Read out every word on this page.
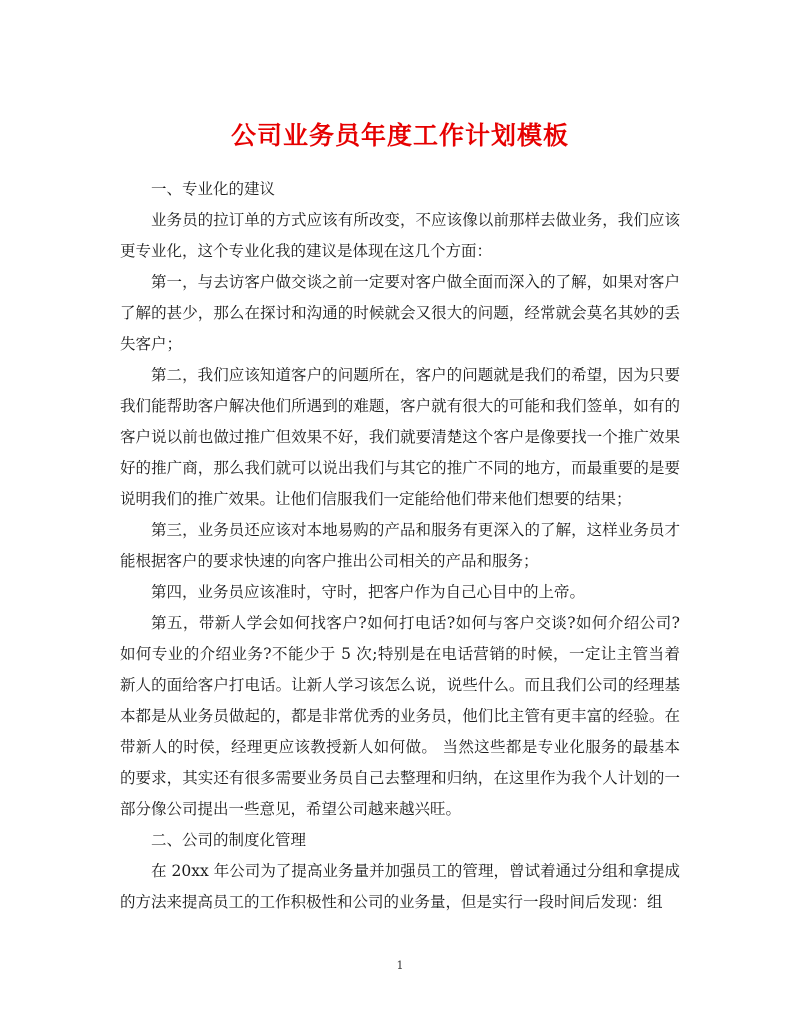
公司业务员年度工作计划模板

一、专业化的建议

业务员的拉订单的方式应该有所改变，不应该像以前那样去做业务，我们应该更专业化，这个专业化我的建议是体现在这几个方面：

第一，与去访客户做交谈之前一定要对客户做全面而深入的了解，如果对客户了解的甚少，那么在探讨和沟通的时候就会又很大的问题，经常就会莫名其妙的丢失客户；

第二，我们应该知道客户的问题所在，客户的问题就是我们的希望，因为只要我们能帮助客户解决他们所遇到的难题，客户就有很大的可能和我们签单，如有的客户说以前也做过推广但效果不好，我们就要清楚这个客户是像要找一个推广效果好的推广商，那么我们就可以说出我们与其它的推广不同的地方，而最重要的是要说明我们的推广效果。让他们信服我们一定能给他们带来他们想要的结果；

第三，业务员还应该对本地易购的产品和服务有更深入的了解，这样业务员才能根据客户的要求快速的向客户推出公司相关的产品和服务；

第四，业务员应该准时，守时，把客户作为自己心目中的上帝。

第五，带新人学会如何找客户?如何打电话?如何与客户交谈?如何介绍公司?如何专业的介绍业务?不能少于 5 次;特别是在电话营销的时候，一定让主管当着新人的面给客户打电话。让新人学习该怎么说，说些什么。而且我们公司的经理基本都是从业务员做起的，都是非常优秀的业务员，他们比主管有更丰富的经验。在带新人的时侯，经理更应该教授新人如何做。 当然这些都是专业化服务的最基本的要求，其实还有很多需要业务员自己去整理和归纳，在这里作为我个人计划的一部分像公司提出一些意见，希望公司越来越兴旺。

二、公司的制度化管理

在 20xx 年公司为了提高业务量并加强员工的管理，曾试着通过分组和拿提成的方法来提高员工的工作积极性和公司的业务量，但是实行一段时间后发现：组

1
